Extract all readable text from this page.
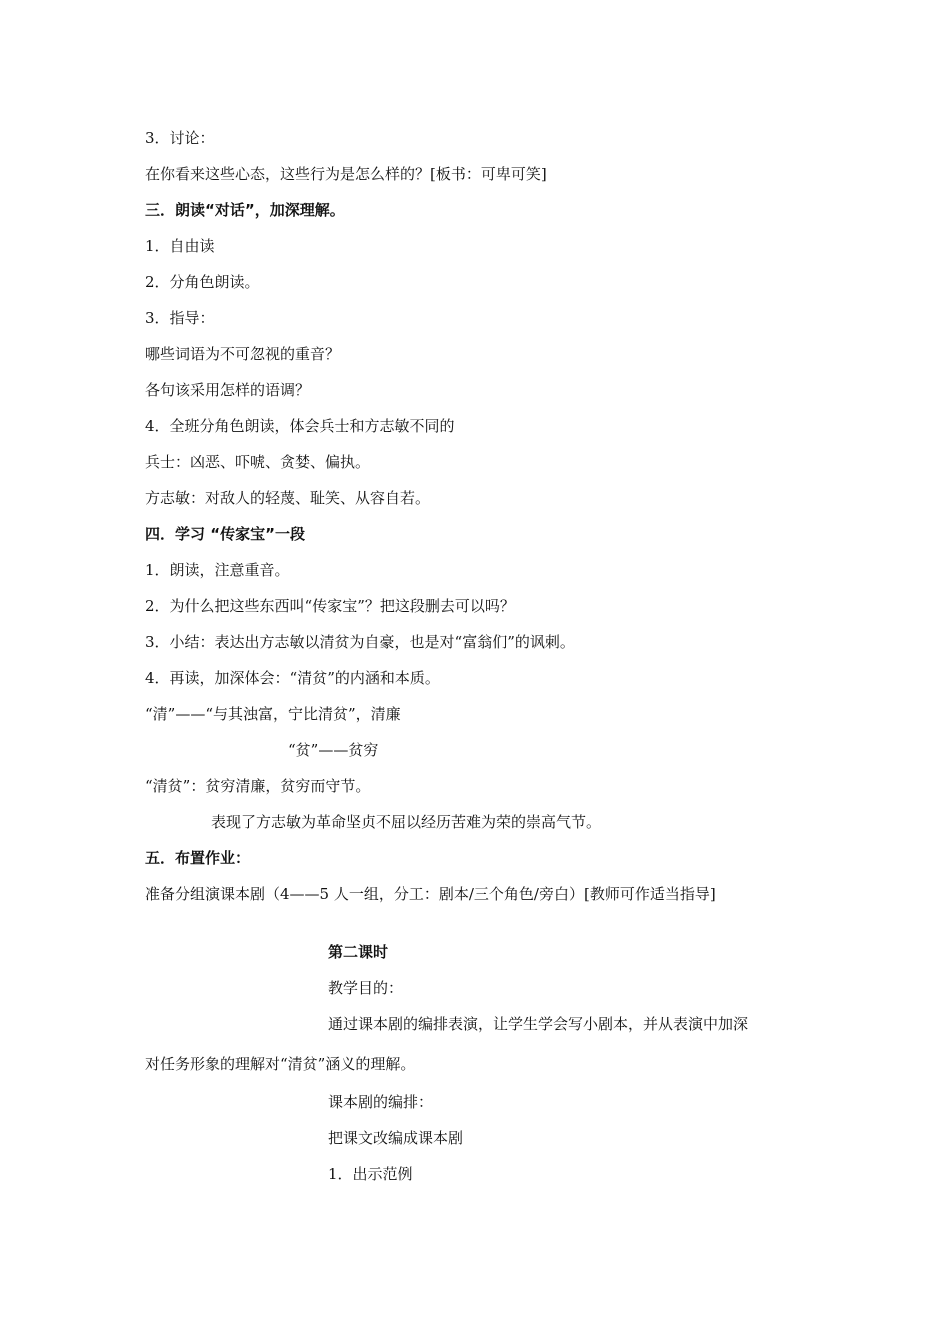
3．讨论：
在你看来这些心态，这些行为是怎么样的？[板书：可卑可笑]
三．朗读“对话”，加深理解。
1．自由读
2．分角色朗读。
3．指导：
哪些词语为不可忽视的重音？
各句该采用怎样的语调？
4．全班分角色朗读，体会兵士和方志敏不同的
兵士：凶恶、吓唬、贪婪、偏执。
方志敏：对敌人的轻蔑、耻笑、从容自若。
四．学习 “传家宝”一段
1．朗读，注意重音。
2．为什么把这些东西叫“传家宝”？把这段删去可以吗？
3．小结：表达出方志敏以清贫为自豪，也是对“富翁们”的讽刺。
4．再读，加深体会：“清贫”的内涵和本质。
“清”——“与其浊富，宁比清贫”，清廉
“贫”——贫穷
“清贫”：贫穷清廉，贫穷而守节。
表现了方志敏为革命坚贞不屈以经历苦难为荣的崇高气节。
五．布置作业：
准备分组演课本剧（4——5 人一组，分工：剧本/三个角色/旁白）[教师可作适当指导]
第二课时
教学目的：
通过课本剧的编排表演，让学生学会写小剧本，并从表演中加深
对任务形象的理解对“清贫”涵义的理解。
课本剧的编排：
把课文改编成课本剧
1．出示范例
